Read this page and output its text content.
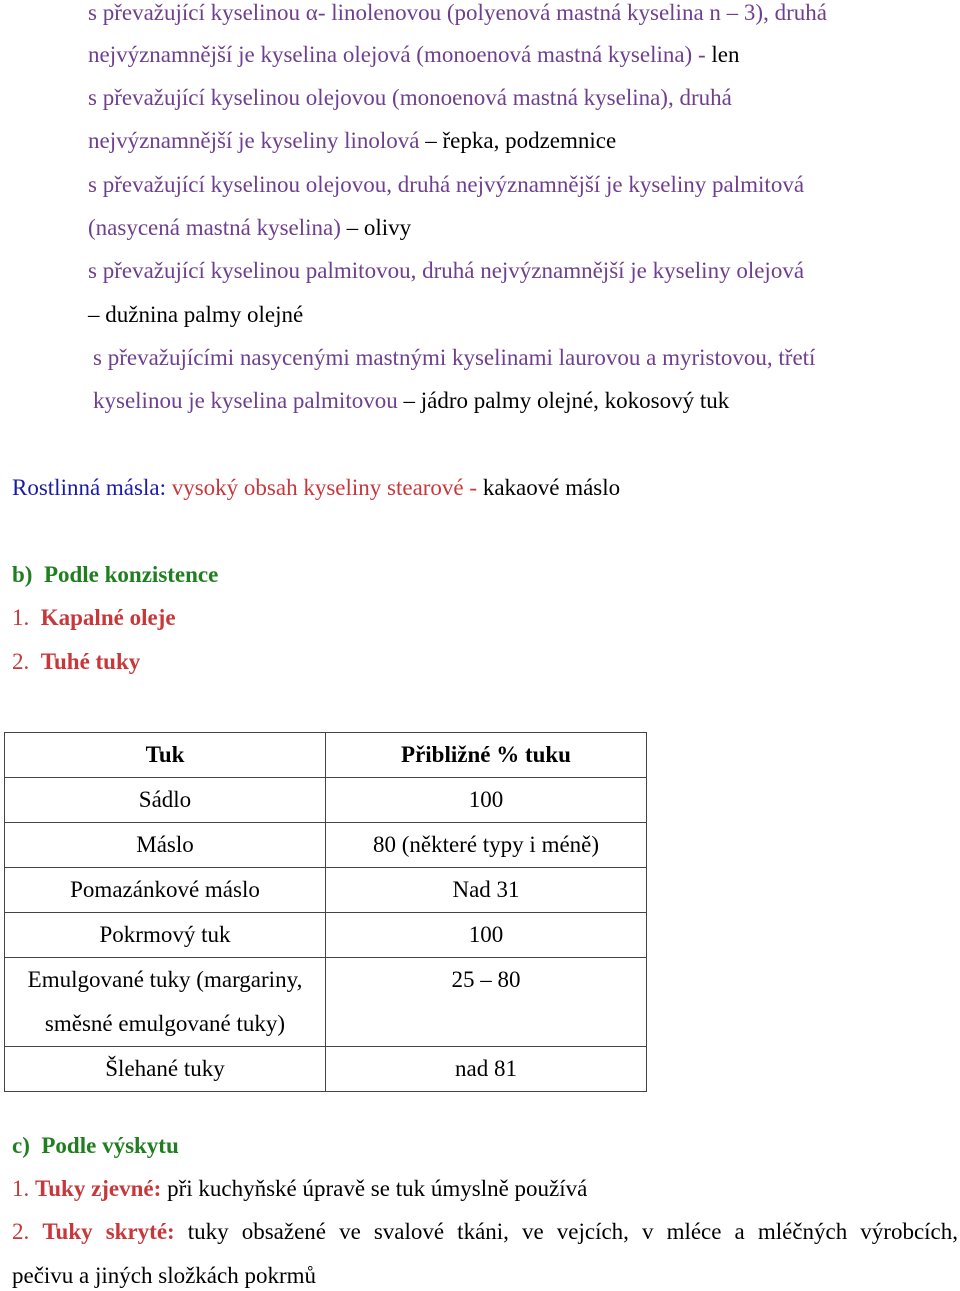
s převažující kyselinou α- linolenovou (polyenová mastná kyselina n – 3), druhá
nejvýznamnější je kyselina olejová (monoenová mastná kyselina) - len
s převažující kyselinou olejovou (monoenová mastná kyselina), druhá
nejvýznamnější je kyseliny linolová – řepka, podzemnice
s převažující kyselinou olejovou, druhá nejvýznamnější je kyseliny palmitová
(nasycená mastná kyselina) – olivy
s převažující kyselinou palmitovou, druhá nejvýznamnější je kyseliny olejová
– dužnina palmy olejné
s převažujícími nasycenými mastnými kyselinami laurovou a myristovou, třetí
kyselinou je kyselina palmitovou – jádro palmy olejné, kokosový tuk
Rostlinná másla: vysoký obsah kyseliny stearové - kakaové máslo
b) Podle konzistence
1. Kapalné oleje
2. Tuhé tuky
Tuk	Přibližné % tuku

Sádlo	100

Máslo	80 (některé typy i méně)

Pomazánkové máslo	Nad 31

Pokrmový tuk	100

Emulgované tuky (margariny,
směsné emulgované tuky)	25 – 80

Šlehané tuky	nad 81
c) Podle výskytu
1. Tuky zjevné: při kuchyňské úpravě se tuk úmyslně používá
2. Tuky skryté: tuky obsažené ve svalové tkáni, ve vejcích, v mléce a mléčných výrobcích,
pečivu a jiných složkách pokrmů
